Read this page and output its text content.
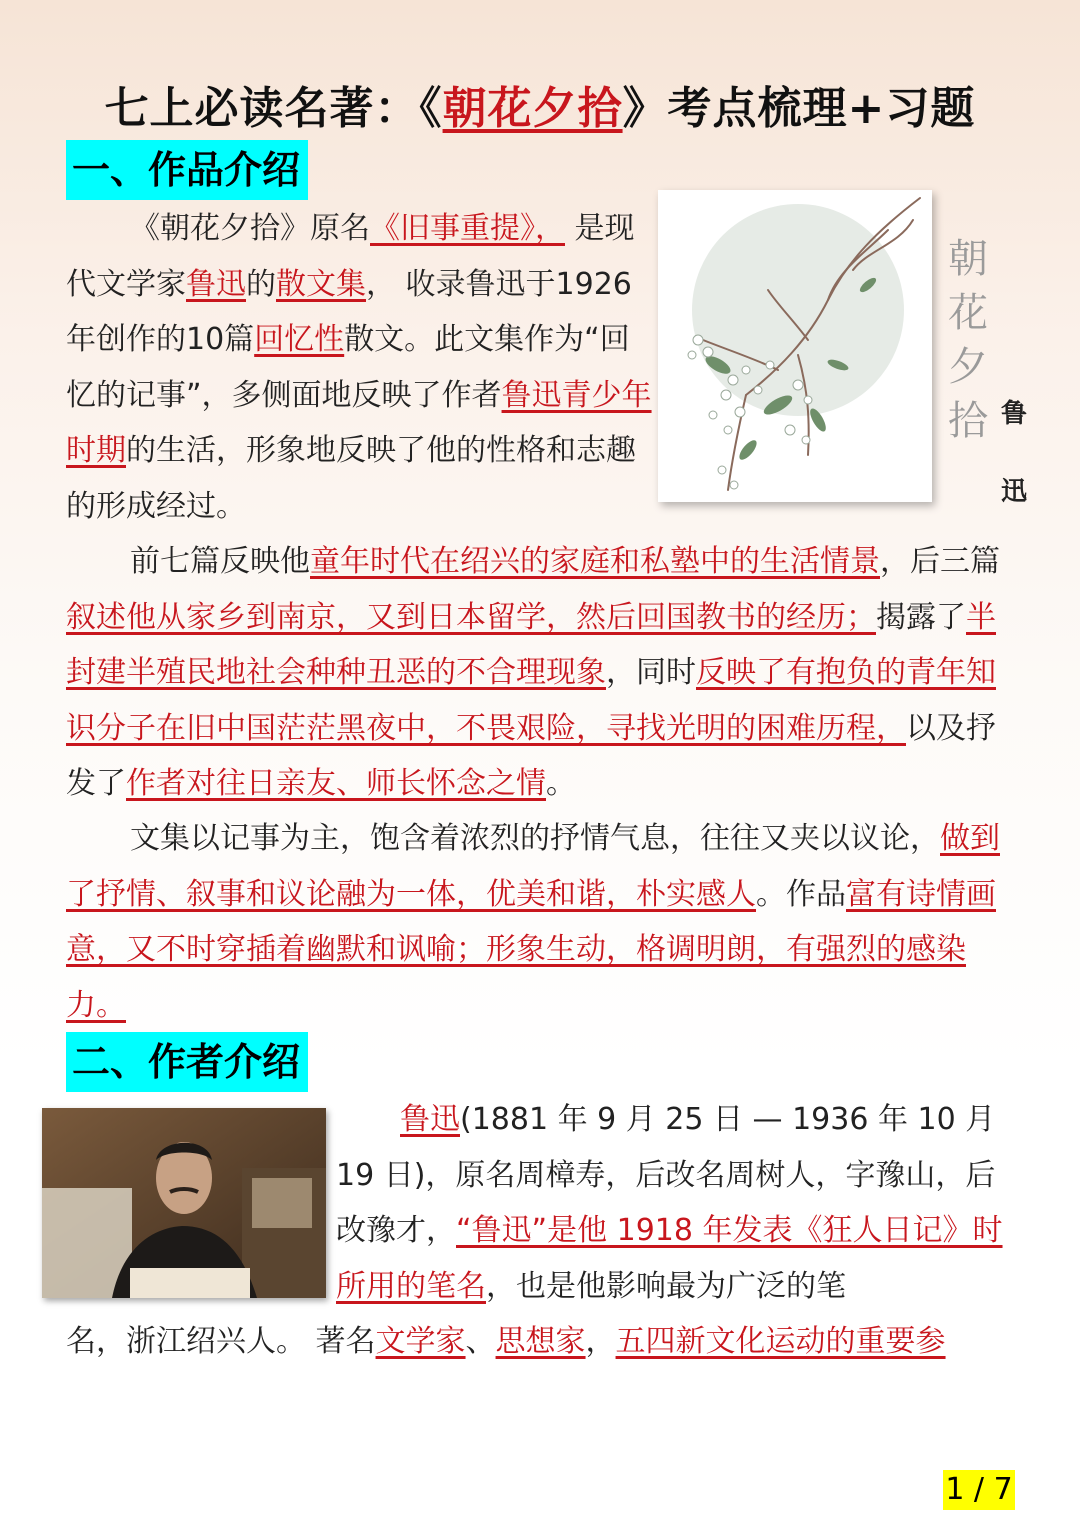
七上必读名著：《朝花夕拾》考点梳理+习题
一、作品介绍
《朝花夕拾》原名《旧事重提》， 是现代文学家鲁迅的散文集， 收录鲁迅于1926 年创作的10篇回忆性散文。此文集作为“回忆的记事”，多侧面地反映了作者鲁迅青少年时期的生活，形象地反映了他的性格和志趣的形成经过。
朝
花
夕
拾 鲁
迅
前七篇反映他童年时代在绍兴的家庭和私塾中的生活情景，后三篇叙述他从家乡到南京，又到日本留学，然后回国教书的经历；揭露了半封建半殖民地社会种种丑恶的不合理现象，同时反映了有抱负的青年知识分子在旧中国茫茫黑夜中，不畏艰险，寻找光明的困难历程，以及抒发了作者对往日亲友、师长怀念之情。
文集以记事为主，饱含着浓烈的抒情气息，往往又夹以议论，做到了抒情、叙事和议论融为一体，优美和谐，朴实感人。作品富有诗情画意，又不时穿插着幽默和讽喻；形象生动，格调明朗，有强烈的感染力。
二、作者介绍
鲁迅(1881 年 9 月 25 日 — 1936 年 10 月 19 日)，原名周樟寿，后改名周树人，字豫山，后改豫才，“鲁迅”是他 1918 年发表《狂人日记》时所用的笔名，也是他影响最为广泛的笔
名，浙江绍兴人。 著名文学家、思想家，五四新文化运动的重要参
1 / 7
